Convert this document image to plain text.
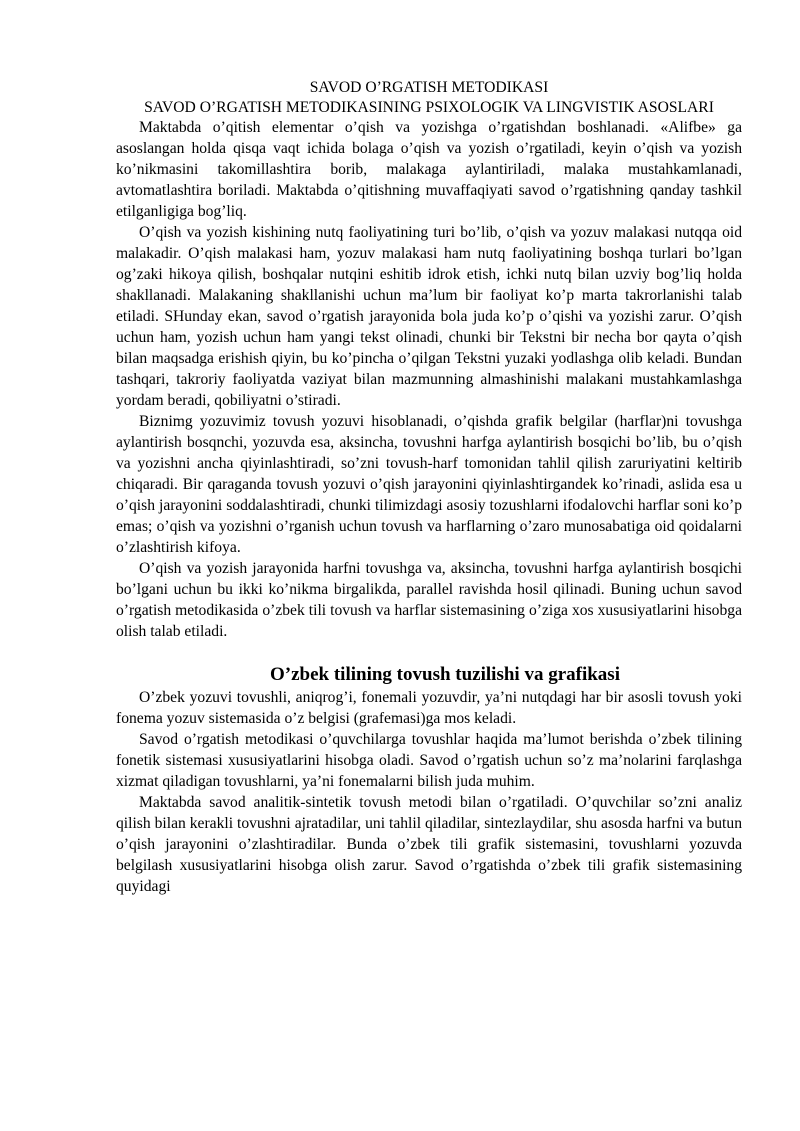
SAVOD O’RGATISH METODIKASI
SAVOD O’RGATISH METODIKASINING PSIXOLOGIK VA LINGVISTIK ASOSLARI

Maktabda o’qitish elementar o’qish va yozishga o’rgatishdan boshlanadi. «Alifbe» ga asoslangan holda qisqa vaqt ichida bolaga o’qish va yozish o’rgatiladi, keyin o’qish va yozish ko’nikmasini takomillashtira borib, malakaga aylantiriladi, malaka mustahkamlanadi, avtomatlashtira boriladi. Maktabda o’qitishning muvaffaqiyati savod o’rgatishning qanday tashkil etilganligiga bog’liq.

O’qish va yozish kishining nutq faoliyatining turi bo’lib, o’qish va yozuv malakasi nutqqa oid malakadir. O’qish malakasi ham, yozuv malakasi ham nutq faoliyatining boshqa turlari bo’lgan og’zaki hikoya qilish, boshqalar nutqini eshitib idrok etish, ichki nutq bilan uzviy bog’liq holda shakllanadi. Malakaning shakllanishi uchun ma’lum bir faoliyat ko’p marta takrorlanishi talab etiladi. SHunday ekan, savod o’rgatish jarayonida bola juda ko’p o’qishi va yozishi zarur. O’qish uchun ham, yozish uchun ham yangi tekst olinadi, chunki bir Tekstni bir necha bor qayta o’qish bilan maqsadga erishish qiyin, bu ko’pincha o’qilgan Tekstni yuzaki yodlashga olib keladi. Bundan tashqari, takroriy faoliyatda vaziyat bilan mazmunning almashinishi malakani mustahkamlashga yordam beradi, qobiliyatni o’stiradi.

Biznimg yozuvimiz tovush yozuvi hisoblanadi, o’qishda grafik belgilar (harflar)ni tovushga aylantirish bosqnchi, yozuvda esa, aksincha, tovushni harfga aylantirish bosqichi bo’lib, bu o’qish va yozishni ancha qiyinlashtiradi, so’zni tovush-harf tomonidan tahlil qilish zaruriyatini keltirib chiqaradi. Bir qaraganda tovush yozuvi o’qish jarayonini qiyinlashtirgandek ko’rinadi, aslida esa u o’qish jarayonini soddalashtiradi, chunki tilimizdagi asosiy tozushlarni ifodalovchi harflar soni ko’p emas; o’qish va yozishni o’rganish uchun tovush va harflarning o’zaro munosabatiga oid qoidalarni o’zlashtirish kifoya.

O’qish va yozish jarayonida harfni tovushga va, aksincha, tovushni harfga aylantirish bosqichi bo’lgani uchun bu ikki ko’nikma birgalikda, parallel ravishda hosil qilinadi. Buning uchun savod o’rgatish metodikasida o’zbek tili tovush va harflar sistemasining o’ziga xos xususiyatlarini hisobga olish talab etiladi.

O’zbek tilining tovush tuzilishi va grafikasi

O’zbek yozuvi tovushli, aniqrog’i, fonemali yozuvdir, ya’ni nutqdagi har bir asosli tovush yoki fonema yozuv sistemasida o’z belgisi (grafemasi)ga mos keladi.

Savod o’rgatish metodikasi o’quvchilarga tovushlar haqida ma’lumot berishda o’zbek tilining fonetik sistemasi xususiyatlarini hisobga oladi. Savod o’rgatish uchun so’z ma’nolarini farqlashga xizmat qiladigan tovushlarni, ya’ni fonemalarni bilish juda muhim.

Maktabda savod analitik-sintetik tovush metodi bilan o’rgatiladi. O’quvchilar so’zni analiz qilish bilan kerakli tovushni ajratadilar, uni tahlil qiladilar, sintezlaydilar, shu asosda harfni va butun o’qish jarayonini o’zlashtiradilar. Bunda o’zbek tili grafik sistemasini, tovushlarni yozuvda belgilash xususiyatlarini hisobga olish zarur. Savod o’rgatishda o’zbek tili grafik sistemasining quyidagi
